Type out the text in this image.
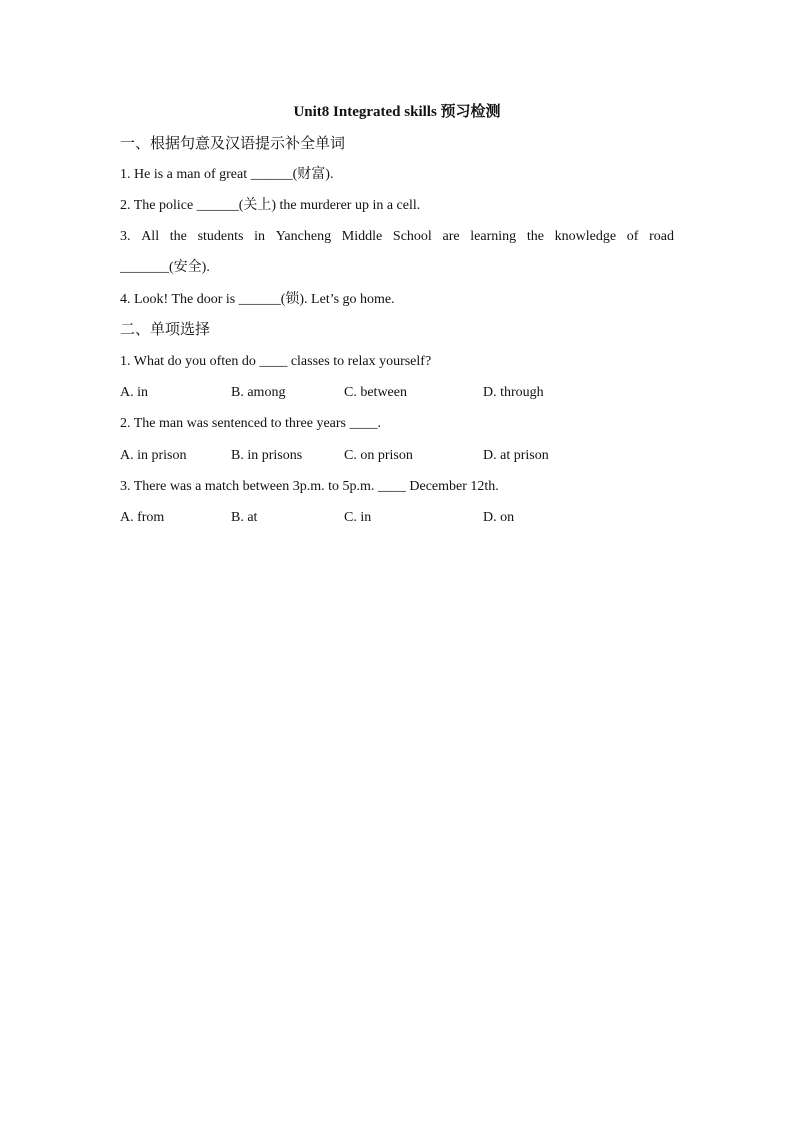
Unit8 Integrated skills 预习检测
一、根据句意及汉语提示补全单词
1. He is a man of great ______(财富).
2. The police ______(关上) the murderer up in a cell.
3. All the students in Yancheng Middle School are learning the knowledge of road
_______(安全).
4. Look! The door is ______(锁). Let’s go home.
二、单项选择
1. What do you often do ____ classes to relax yourself?
A. in	B. among	C. between	D. through
2. The man was sentenced to three years ____.
A. in prison	B. in prisons	C. on prison	D. at prison
3. There was a match between 3p.m. to 5p.m. ____ December 12th.
A. from	B. at	C. in	D. on
